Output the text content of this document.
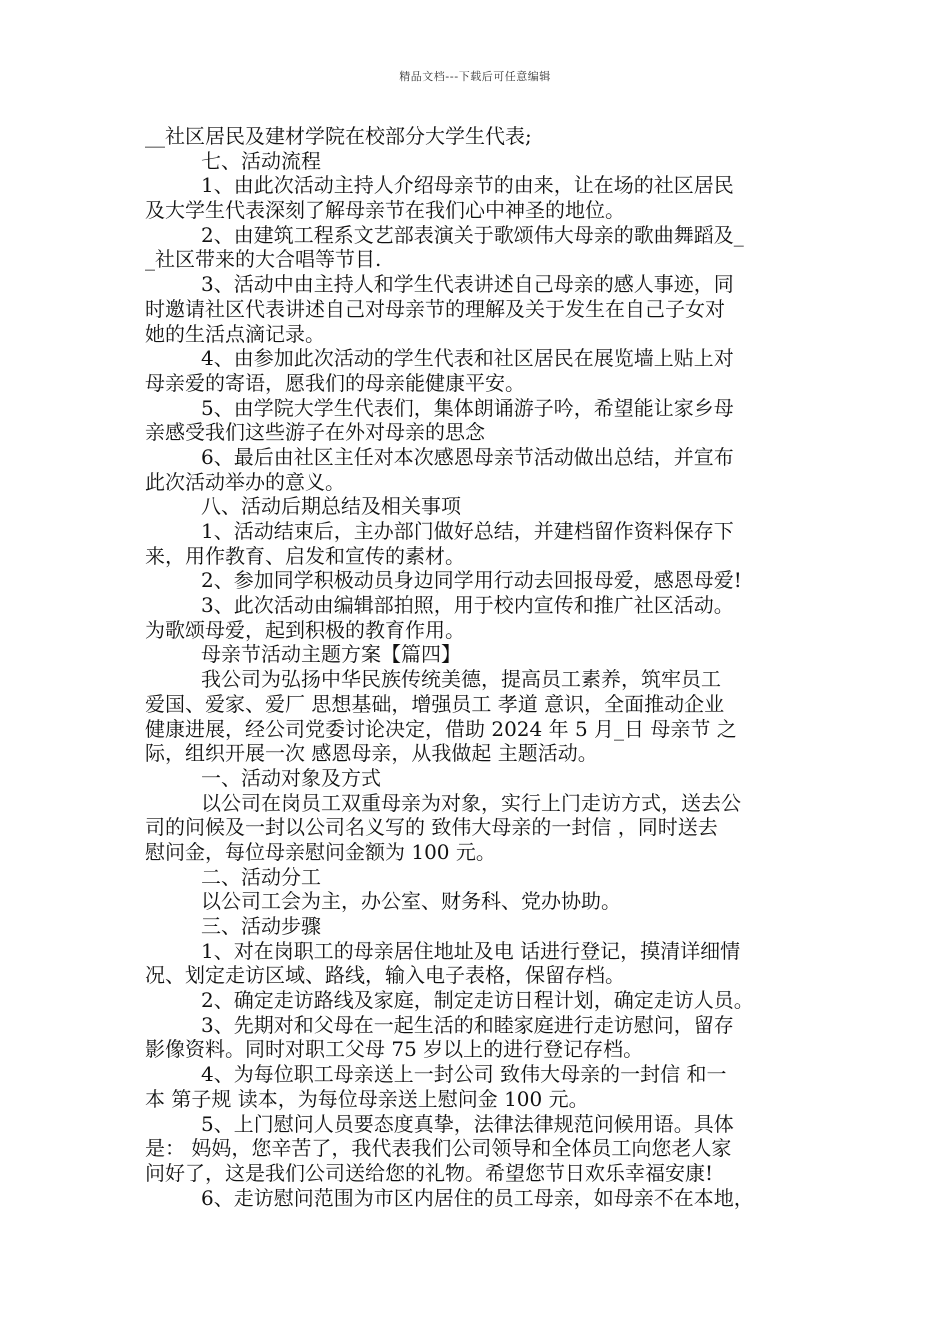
精品文档---下载后可任意编辑
__社区居民及建材学院在校部分大学生代表;
七、活动流程
1、由此次活动主持人介绍母亲节的由来，让在场的社区居民
及大学生代表深刻了解母亲节在我们心中神圣的地位。
2、由建筑工程系文艺部表演关于歌颂伟大母亲的歌曲舞蹈及_
_社区带来的大合唱等节目.
3、活动中由主持人和学生代表讲述自己母亲的感人事迹，同
时邀请社区代表讲述自己对母亲节的理解及关于发生在自己子女对
她的生活点滴记录。
4、由参加此次活动的学生代表和社区居民在展览墙上贴上对
母亲爱的寄语，愿我们的母亲能健康平安。
5、由学院大学生代表们，集体朗诵游子吟，希望能让家乡母
亲感受我们这些游子在外对母亲的思念
6、最后由社区主任对本次感恩母亲节活动做出总结，并宣布
此次活动举办的意义。
八、活动后期总结及相关事项
1、活动结束后，主办部门做好总结，并建档留作资料保存下
来，用作教育、启发和宣传的素材。
2、参加同学积极动员身边同学用行动去回报母爱，感恩母爱!
3、此次活动由编辑部拍照，用于校内宣传和推广社区活动。
为歌颂母爱，起到积极的教育作用。
母亲节活动主题方案【篇四】
我公司为弘扬中华民族传统美德，提高员工素养，筑牢员工
爱国、爱家、爱厂 思想基础，增强员工 孝道 意识，全面推动企业
健康进展，经公司党委讨论决定，借助 2024 年 5 月_日 母亲节 之
际，组织开展一次 感恩母亲，从我做起 主题活动。
一、活动对象及方式
以公司在岗员工双重母亲为对象，实行上门走访方式，送去公
司的问候及一封以公司名义写的 致伟大母亲的一封信 ，同时送去
慰问金，每位母亲慰问金额为 100 元。
二、活动分工
以公司工会为主，办公室、财务科、党办协助。
三、活动步骤
1、对在岗职工的母亲居住地址及电 话进行登记，摸清详细情
况、划定走访区域、路线，输入电子表格，保留存档。
2、确定走访路线及家庭，制定走访日程计划，确定走访人员。
3、先期对和父母在一起生活的和睦家庭进行走访慰问，留存
影像资料。同时对职工父母 75 岁以上的进行登记存档。
4、为每位职工母亲送上一封公司 致伟大母亲的一封信 和一
本 第子规 读本，为每位母亲送上慰问金 100 元。
5、上门慰问人员要态度真挚，法律法律规范问候用语。具体
是： 妈妈，您辛苦了，我代表我们公司领导和全体员工向您老人家
问好了，这是我们公司送给您的礼物。希望您节日欢乐幸福安康!
6、走访慰问范围为市区内居住的员工母亲，如母亲不在本地，
